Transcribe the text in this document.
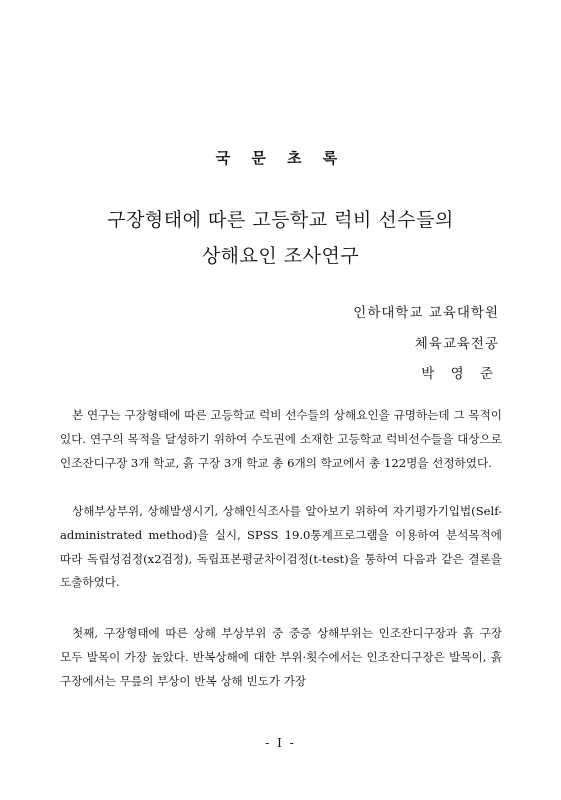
국 문 초 록
구장형태에 따른 고등학교 럭비 선수들의
상해요인 조사연구
인하대학교 교육대학원
체육교육전공
박 영 준

본 연구는 구장형태에 따른 고등학교 럭비 선수들의 상해요인을 규명하는데 그 목적이 있다. 연구의 목적을 달성하기 위하여 수도권에 소재한 고등학교 럭비선수들을 대상으로 인조잔디구장 3개 학교, 흙 구장 3개 학교 총 6개의 학교에서 총 122명을 선정하였다.

상해부상부위, 상해발생시기, 상해인식조사를 알아보기 위하여 자기평가기입법(Self-administrated method)을 실시, SPSS 19.0통계프로그램을 이용하여 분석목적에 따라 독립성검정(x2검정), 독립표본평균차이검정(t-test)을 통하여 다음과 같은 결론을 도출하였다.

첫째, 구장형태에 따른 상해 부상부위 중 중증 상해부위는 인조잔디구장과 흙 구장 모두 발목이 가장 높았다. 반복상해에 대한 부위·횟수에서는 인조잔디구장은 발목이, 흙 구장에서는 무릎의 부상이 반복 상해 빈도가 가장

- I -
